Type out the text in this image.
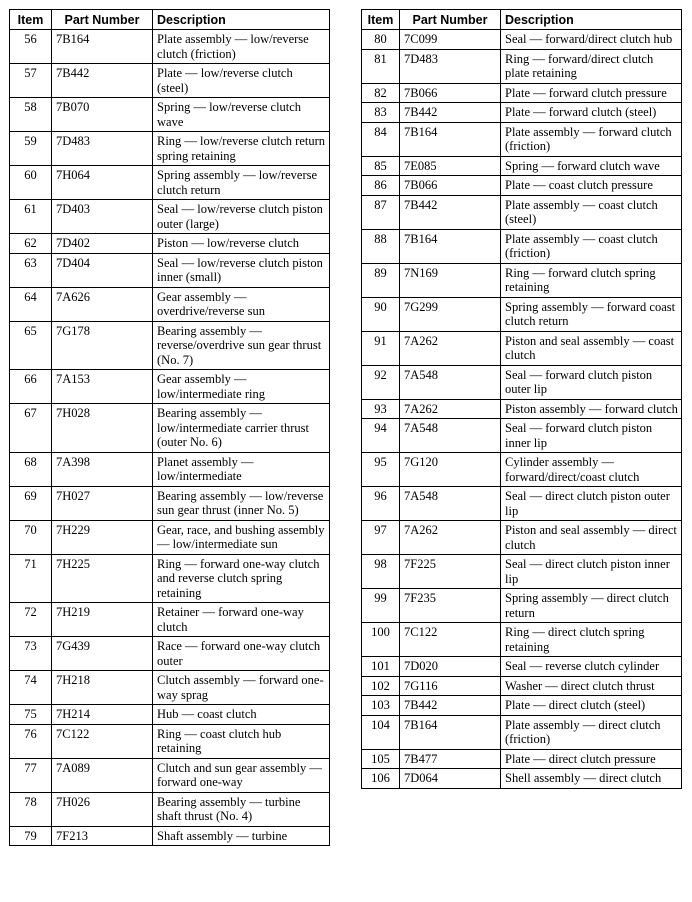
Item	Part Number	Description
56	7B164	Plate assembly — low/reverse clutch (friction)
57	7B442	Plate — low/reverse clutch (steel)
58	7B070	Spring — low/reverse clutch wave
59	7D483	Ring — low/reverse clutch return spring retaining
60	7H064	Spring assembly — low/reverse clutch return
61	7D403	Seal — low/reverse clutch piston outer (large)
62	7D402	Piston — low/reverse clutch
63	7D404	Seal — low/reverse clutch piston inner (small)
64	7A626	Gear assembly — overdrive/reverse sun
65	7G178	Bearing assembly — reverse/overdrive sun gear thrust (No. 7)
66	7A153	Gear assembly — low/intermediate ring
67	7H028	Bearing assembly — low/intermediate carrier thrust (outer No. 6)
68	7A398	Planet assembly — low/intermediate
69	7H027	Bearing assembly — low/reverse sun gear thrust (inner No. 5)
70	7H229	Gear, race, and bushing assembly — low/intermediate sun
71	7H225	Ring — forward one-way clutch and reverse clutch spring retaining
72	7H219	Retainer — forward one-way clutch
73	7G439	Race — forward one-way clutch outer
74	7H218	Clutch assembly — forward one-way sprag
75	7H214	Hub — coast clutch
76	7C122	Ring — coast clutch hub retaining
77	7A089	Clutch and sun gear assembly — forward one-way
78	7H026	Bearing assembly — turbine shaft thrust (No. 4)
79	7F213	Shaft assembly — turbine
Item	Part Number	Description
80	7C099	Seal — forward/direct clutch hub
81	7D483	Ring — forward/direct clutch plate retaining
82	7B066	Plate — forward clutch pressure
83	7B442	Plate — forward clutch (steel)
84	7B164	Plate assembly — forward clutch (friction)
85	7E085	Spring — forward clutch wave
86	7B066	Plate — coast clutch pressure
87	7B442	Plate assembly — coast clutch (steel)
88	7B164	Plate assembly — coast clutch (friction)
89	7N169	Ring — forward clutch spring retaining
90	7G299	Spring assembly — forward coast clutch return
91	7A262	Piston and seal assembly — coast clutch
92	7A548	Seal — forward clutch piston outer lip
93	7A262	Piston assembly — forward clutch
94	7A548	Seal — forward clutch piston inner lip
95	7G120	Cylinder assembly — forward/direct/coast clutch
96	7A548	Seal — direct clutch piston outer lip
97	7A262	Piston and seal assembly — direct clutch
98	7F225	Seal — direct clutch piston inner lip
99	7F235	Spring assembly — direct clutch return
100	7C122	Ring — direct clutch spring retaining
101	7D020	Seal — reverse clutch cylinder
102	7G116	Washer — direct clutch thrust
103	7B442	Plate — direct clutch (steel)
104	7B164	Plate assembly — direct clutch (friction)
105	7B477	Plate — direct clutch pressure
106	7D064	Shell assembly — direct clutch
